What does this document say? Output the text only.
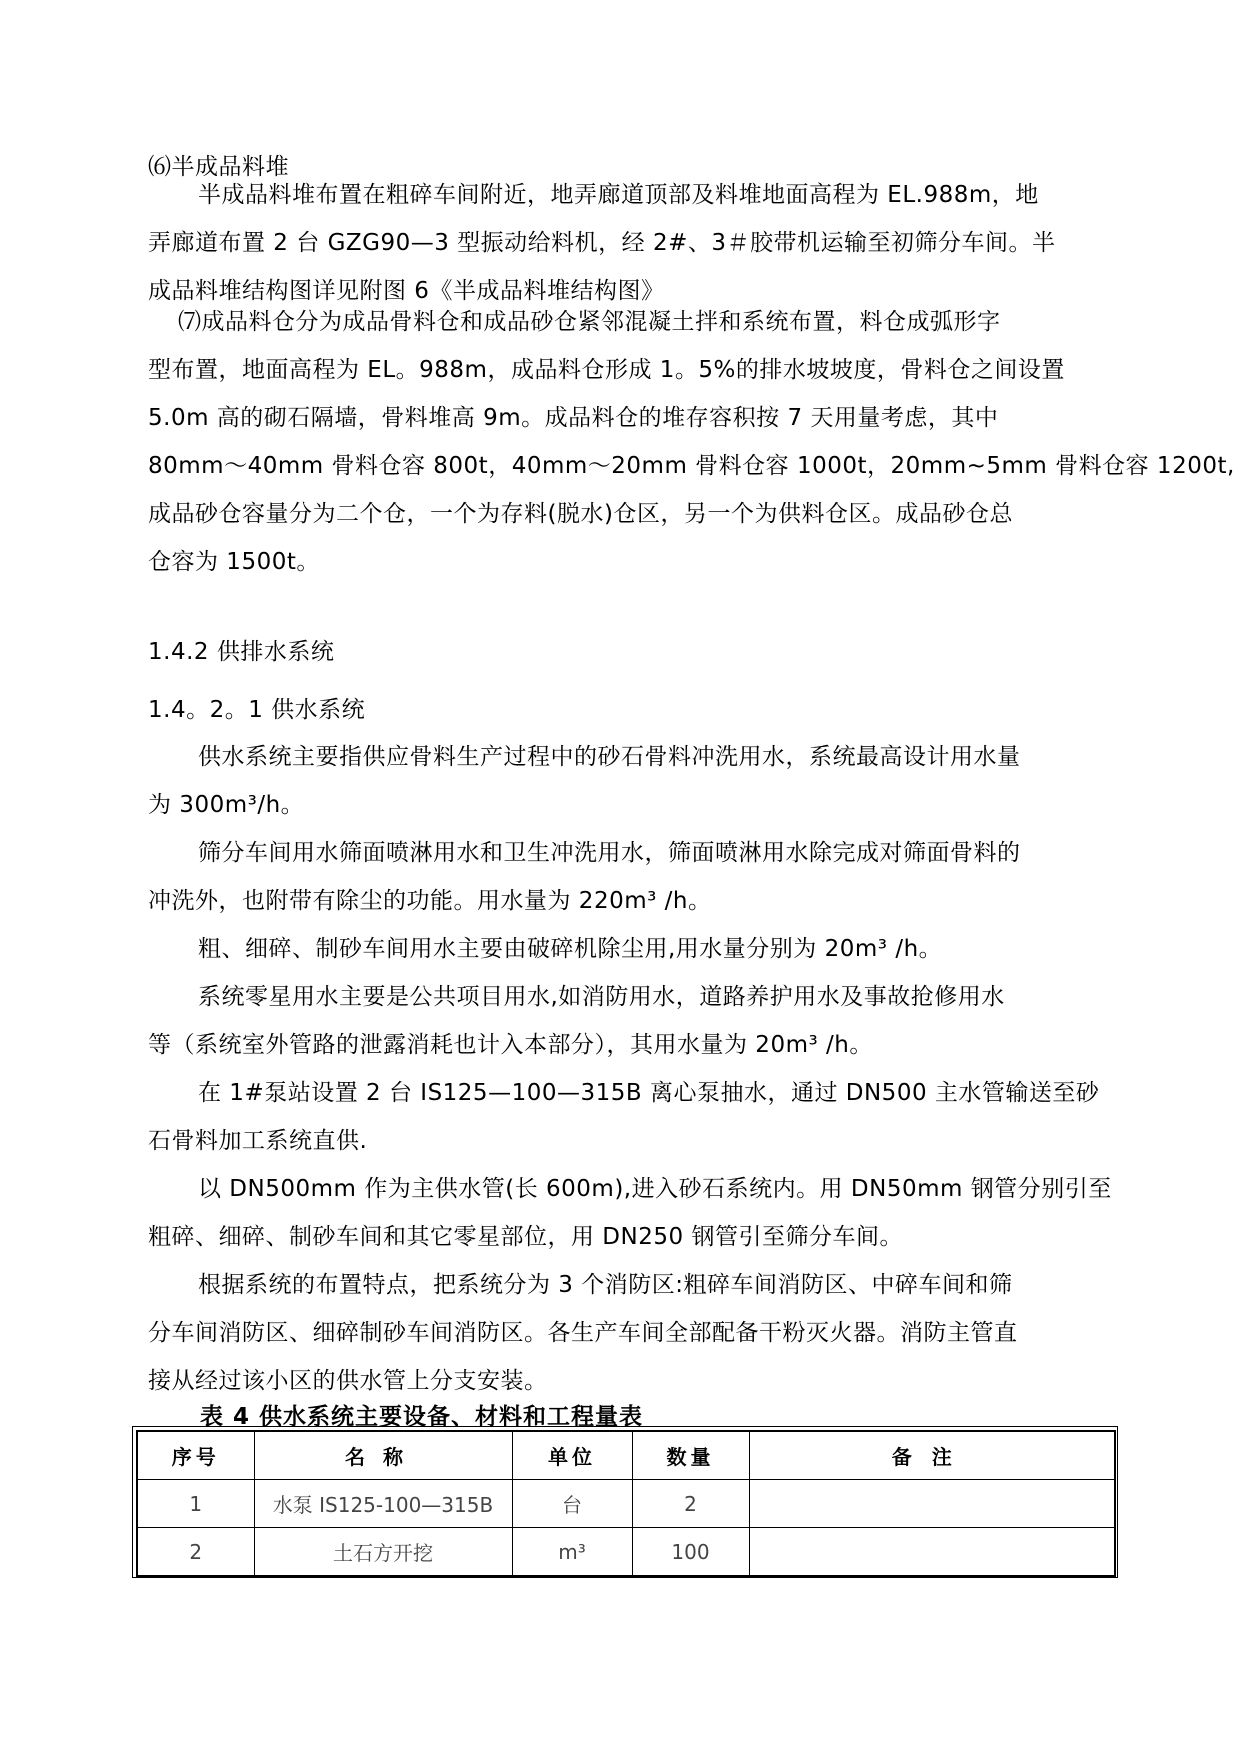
⑹半成品料堆

半成品料堆布置在粗碎车间附近，地弄廊道顶部及料堆地面高程为 EL.988m，地
弄廊道布置 2 台 GZG90—3 型振动给料机，经 2#、3＃胶带机运输至初筛分车间。半
成品料堆结构图详见附图 6《半成品料堆结构图》
⑺成品料仓分为成品骨料仓和成品砂仓紧邻混凝土拌和系统布置，料仓成弧形字
型布置，地面高程为 EL。988m，成品料仓形成 1。5%的排水坡坡度，骨料仓之间设置
5.0m 高的砌石隔墙，骨料堆高 9m。成品料仓的堆存容积按 7 天用量考虑，其中
80mm～40mm 骨料仓容 800t，40mm～20mm 骨料仓容 1000t，20mm~5mm 骨料仓容 1200t,
成品砂仓容量分为二个仓，一个为存料(脱水)仓区，另一个为供料仓区。成品砂仓总
仓容为 1500t。

1.4.2 供排水系统

1.4。2。1 供水系统

供水系统主要指供应骨料生产过程中的砂石骨料冲洗用水，系统最高设计用水量
为 300m³/h。
筛分车间用水筛面喷淋用水和卫生冲洗用水，筛面喷淋用水除完成对筛面骨料的
冲洗外，也附带有除尘的功能。用水量为 220m³ /h。
粗、细碎、制砂车间用水主要由破碎机除尘用,用水量分别为 20m³ /h。
系统零星用水主要是公共项目用水,如消防用水，道路养护用水及事故抢修用水
等（系统室外管路的泄露消耗也计入本部分），其用水量为 20m³ /h。
在 1#泵站设置 2 台 IS125—100—315B 离心泵抽水，通过 DN500 主水管输送至砂
石骨料加工系统直供.
以 DN500mm 作为主供水管(长 600m),进入砂石系统内。用 DN50mm 钢管分别引至
粗碎、细碎、制砂车间和其它零星部位，用 DN250 钢管引至筛分车间。
根据系统的布置特点，把系统分为 3 个消防区:粗碎车间消防区、中碎车间和筛
分车间消防区、细碎制砂车间消防区。各生产车间全部配备干粉灭火器。消防主管直
接从经过该小区的供水管上分支安装。

表 4 供水系统主要设备、材料和工程量表

序号	名称	单位	数量	备注
1	水泵 IS125-100—315B	台	2	
2	土石方开挖	m³	100	
